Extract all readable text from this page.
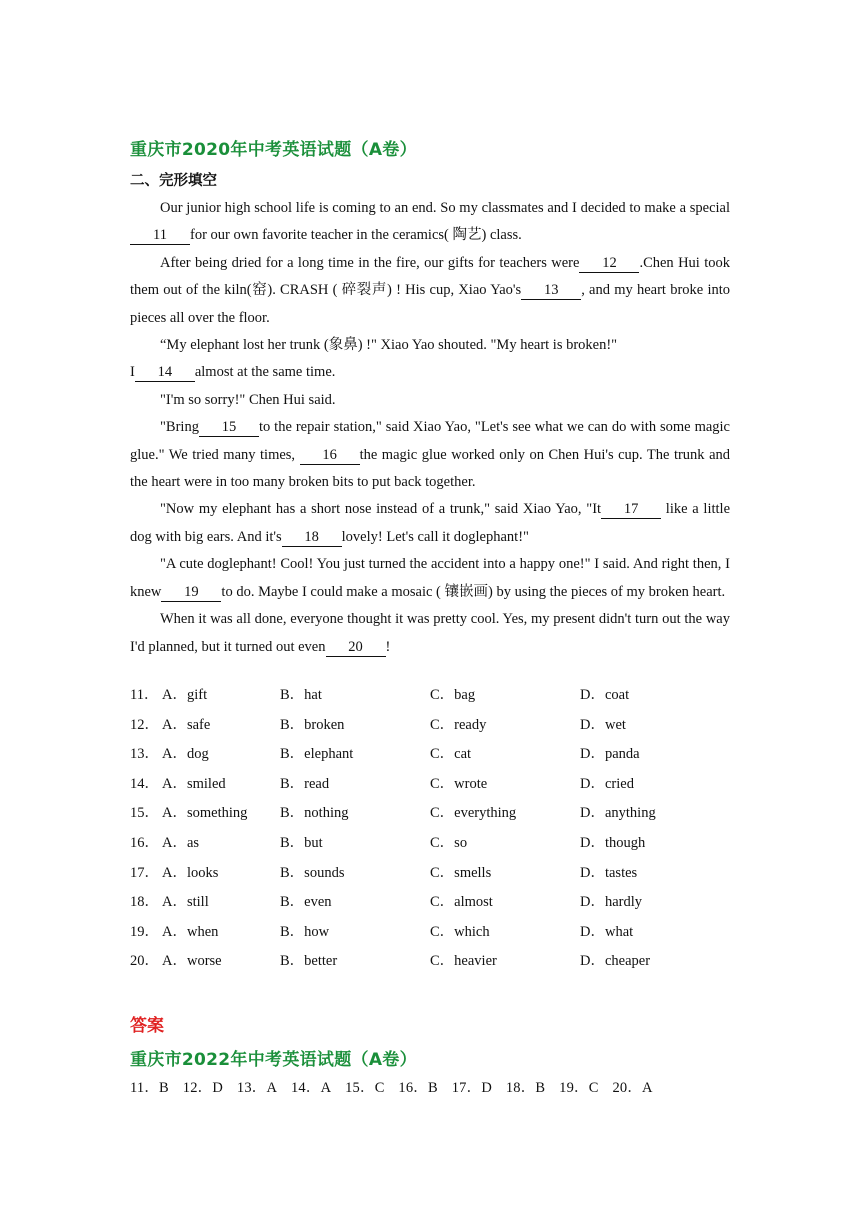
重庆市2020年中考英语试题（A卷）
二、完形填空

Our junior high school life is coming to an end. So my classmates and I decided to make a special11 for our own favorite teacher in the ceramics( 陶艺) class.

After being dried for a long time in the fire, our gifts for teachers were 12 .Chen Hui took them out of the kiln(窑). CRASH ( 碎裂声) ! His cup, Xiao Yao's 13 , and my heart broke into pieces all over the floor.

“My elephant lost her trunk (象鼻) !" Xiao Yao shouted. "My heart is broken!"

I 14 almost at the same time.

"I'm so sorry!" Chen Hui said.

"Bring 15 to the repair station," said Xiao Yao, "Let's see what we can do with some magic glue." We tried many times, 16 the magic glue worked only on Chen Hui's cup. The trunk and the heart were in too many broken bits to put back together.

"Now my elephant has a short nose instead of a trunk," said Xiao Yao, "It 17 like a little dog with big ears. And it's 18 lovely! Let's call it doglephant!"

"A cute doglephant! Cool! You just turned the accident into a happy one!" I said. And right then, I knew 19 to do. Maybe I could make a mosaic ( 镶嵌画) by using the pieces of my broken heart.

When it was all done, everyone thought it was pretty cool. Yes, my present didn't turn out the way I'd planned, but it turned out even 20 !

11． A．gift	B．hat	C．bag	D．coat
12． A．safe	B．broken	C．ready	D．wet
13． A．dog	B．elephant	C．cat	D．panda
14． A．smiled	B．read	C．wrote	D．cried
15． A．something B．nothing	C．everything	D．anything
16． A．as	B．but	C．so	D．though
17． A．looks	B．sounds	C．smells	D．tastes
18． A．still	B．even	C．almost	D．hardly
19． A．when	B．how	C．which	D．what
20． A．worse	B．better	C．heavier	D．cheaper
答案
重庆市2022年中考英语试题（A卷）
11．B 12．D 13．A 14．A 15．C 16．B 17．D 18．B 19．C 20．A
